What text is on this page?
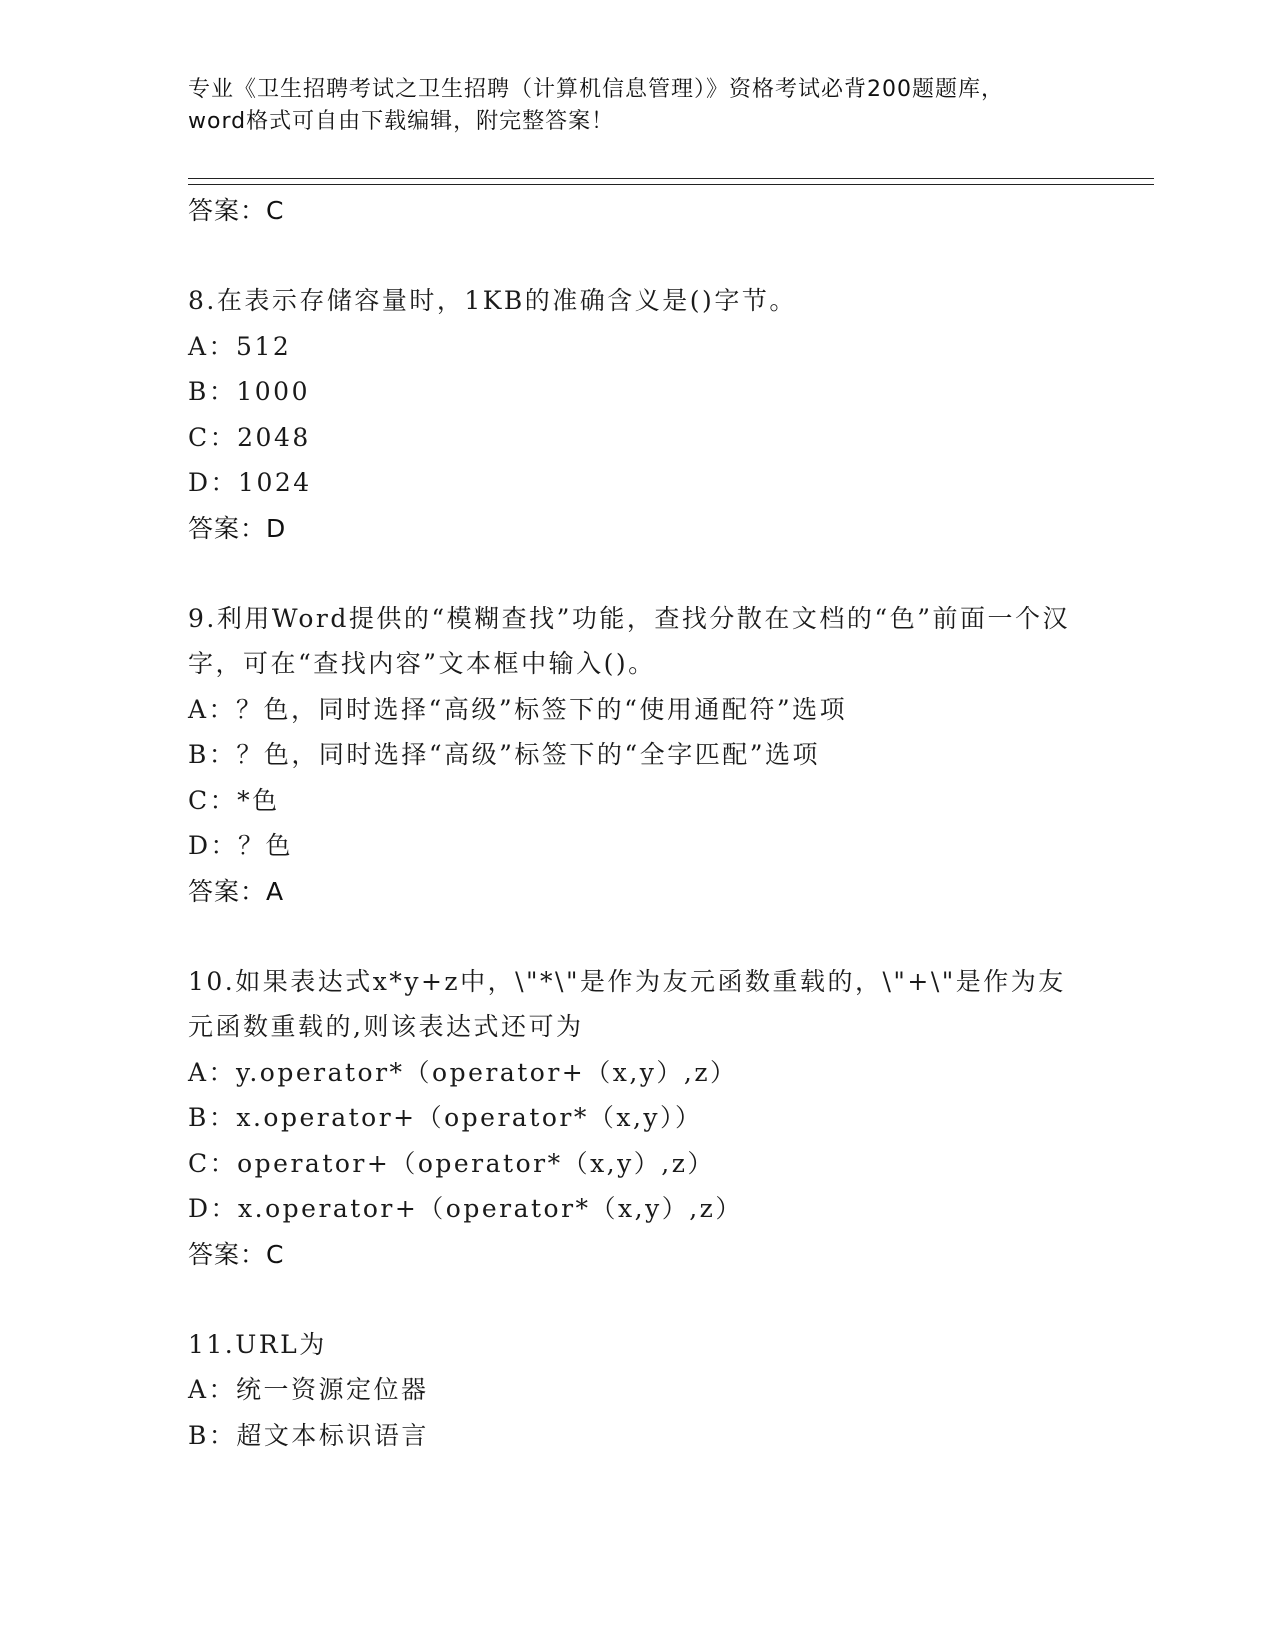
专业《卫生招聘考试之卫生招聘（计算机信息管理）》资格考试必背200题题库，

word格式可自由下载编辑，附完整答案！

答案：C
8.在表示存储容量时，1KB的准确含义是()字节。
A：512
B：1000
C：2048
D：1024
答案：D
9.利用Word提供的“模糊查找”功能，查找分散在文档的“色”前面一个汉字，可在“查找内容”文本框中输入()。
A：？色，同时选择“高级”标签下的“使用通配符”选项
B：？色，同时选择“高级”标签下的“全字匹配”选项
C：*色
D：？色
答案：A
10.如果表达式x*y+z中，\"*\"是作为友元函数重载的，\"+\"是作为友元函数重载的,则该表达式还可为
A：y.operator*（operator+（x,y）,z）
B：x.operator+（operator*（x,y））
C：operator+（operator*（x,y）,z）
D：x.operator+（operator*（x,y）,z）
答案：C
11.URL为
A：统一资源定位器
B：超文本标识语言
